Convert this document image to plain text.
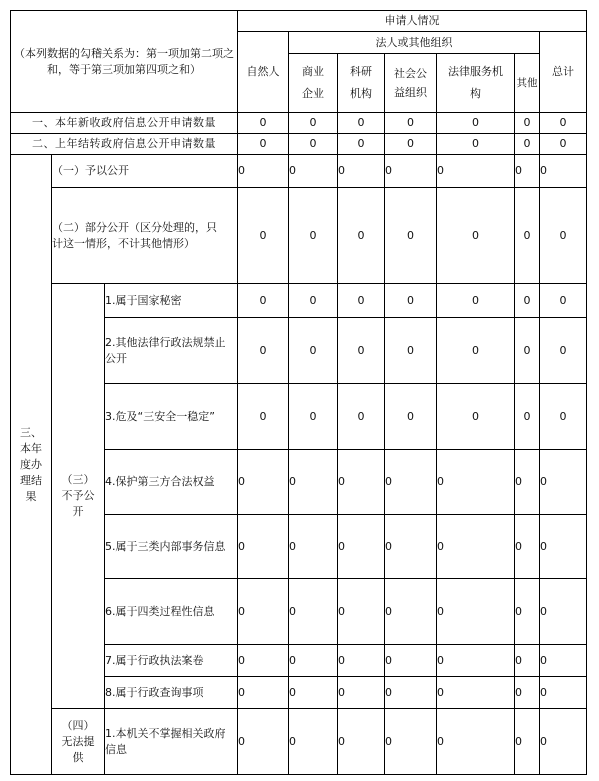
（本列数据的勾稽关系为：第一项加第二项之和，等于第三项加第四项之和）			申请人情况						
			自然人	法人或其他组织					总计
				商业企业	科研机构	社会公益组织	法律服务机构	其他	
一、本年新收政府信息公开申请数量			0	0	0	0	0	0	0
二、上年结转政府信息公开申请数量			0	0	0	0	0	0	0
三、本年度办理结果	（一）予以公开		0	0	0	0	0	0	0
	（二）部分公开（区分处理的，只计这一情形，不计其他情形）		0	0	0	0	0	0	0
	（三）不予公开	1.属于国家秘密	0	0	0	0	0	0	0
		2.其他法律行政法规禁止公开	0	0	0	0	0	0	0
		3.危及“三安全一稳定”	0	0	0	0	0	0	0
		4.保护第三方合法权益	0	0	0	0	0	0	0
		5.属于三类内部事务信息	0	0	0	0	0	0	0
		6.属于四类过程性信息	0	0	0	0	0	0	0
		7.属于行政执法案卷	0	0	0	0	0	0	0
		8.属于行政查询事项	0	0	0	0	0	0	0
	（四）无法提供	1.本机关不掌握相关政府信息	0	0	0	0	0	0	0
